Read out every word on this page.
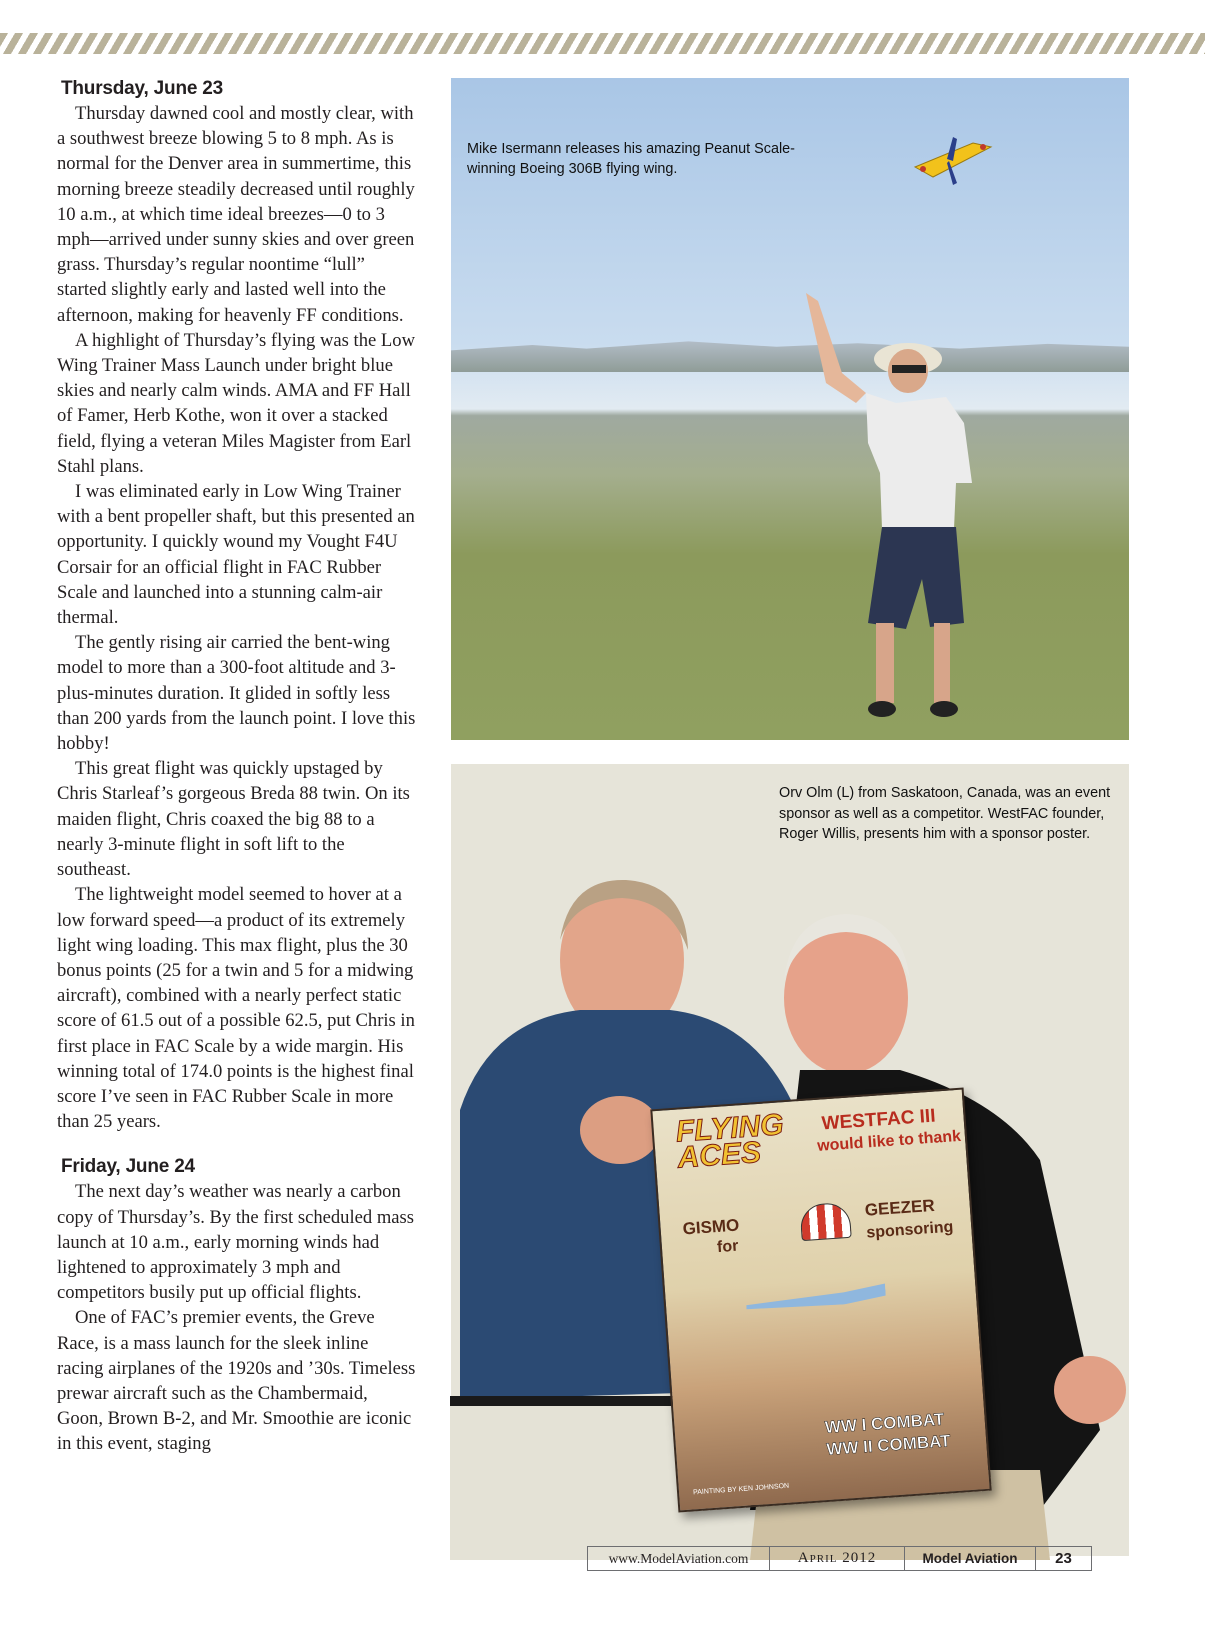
Thursday, June 23

Thursday dawned cool and mostly clear, with a southwest breeze blowing 5 to 8 mph. As is normal for the Denver area in summertime, this morning breeze steadily decreased until roughly 10 a.m., at which time ideal breezes—0 to 3 mph—arrived under sunny skies and over green grass. Thursday’s regular noontime “lull” started slightly early and lasted well into the afternoon, making for heavenly FF conditions.

A highlight of Thursday’s flying was the Low Wing Trainer Mass Launch under bright blue skies and nearly calm winds. AMA and FF Hall of Famer, Herb Kothe, won it over a stacked field, flying a veteran Miles Magister from Earl Stahl plans.

I was eliminated early in Low Wing Trainer with a bent propeller shaft, but this presented an opportunity. I quickly wound my Vought F4U Corsair for an official flight in FAC Rubber Scale and launched into a stunning calm-air thermal.

The gently rising air carried the bent-wing model to more than a 300-foot altitude and 3-plus-minutes duration. It glided in softly less than 200 yards from the launch point. I love this hobby!

This great flight was quickly upstaged by Chris Starleaf’s gorgeous Breda 88 twin. On its maiden flight, Chris coaxed the big 88 to a nearly 3-minute flight in soft lift to the southeast.

The lightweight model seemed to hover at a low forward speed—a product of its extremely light wing loading. This max flight, plus the 30 bonus points (25 for a twin and 5 for a midwing aircraft), combined with a nearly perfect static score of 61.5 out of a possible 62.5, put Chris in first place in FAC Scale by a wide margin. His winning total of 174.0 points is the highest final score I’ve seen in FAC Rubber Scale in more than 25 years.

Friday, June 24

The next day’s weather was nearly a carbon copy of Thursday’s. By the first scheduled mass launch at 10 a.m., early morning winds had lightened to approximately 3 mph and competitors busily put up official flights.

One of FAC’s premier events, the Greve Race, is a mass launch for the sleek inline racing airplanes of the 1920s and ’30s. Timeless prewar aircraft such as the Chambermaid, Goon, Brown B-2, and Mr. Smoothie are iconic in this event, staging

Mike Isermann releases his amazing Peanut Scale-winning Boeing 306B flying wing.
Orv Olm (L) from Saskatoon, Canada, was an event sponsor as well as a competitor. WestFAC founder, Roger Willis, presents him with a sponsor poster.
FLYING ACES
WESTFAC III
would like to thank
GISMO
for
GEEZER
sponsoring
WW I COMBAT
WW II COMBAT
PAINTING BY KEN JOHNSON
www.ModelAviation.com	April 2012	Model Aviation	23
